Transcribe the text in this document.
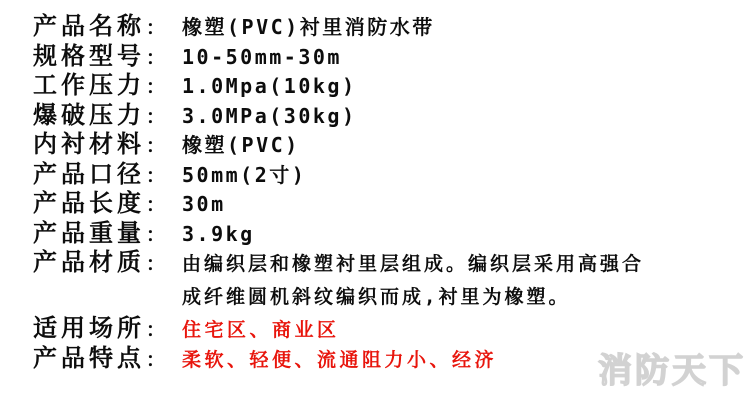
产品名称 ： 橡塑(PVC)衬里消防水带
规格型号 ： 10-50mm-30m
工作压力 ： 1.0Mpa(10kg)
爆破压力 ： 3.0MPa(30kg)
内衬材料 ： 橡塑(PVC)
产品口径 ： 50mm(2寸)
产品长度 ： 30m
产品重量 ： 3.9kg
产品材质 ： 由编织层和橡塑衬里层组成。编织层采用高强合成纤维圆机斜纹编织而成,衬里为橡塑。
适用场所 ： 住宅区、商业区
产品特点 ： 柔软、轻便、流通阻力小、经济	消防天下
